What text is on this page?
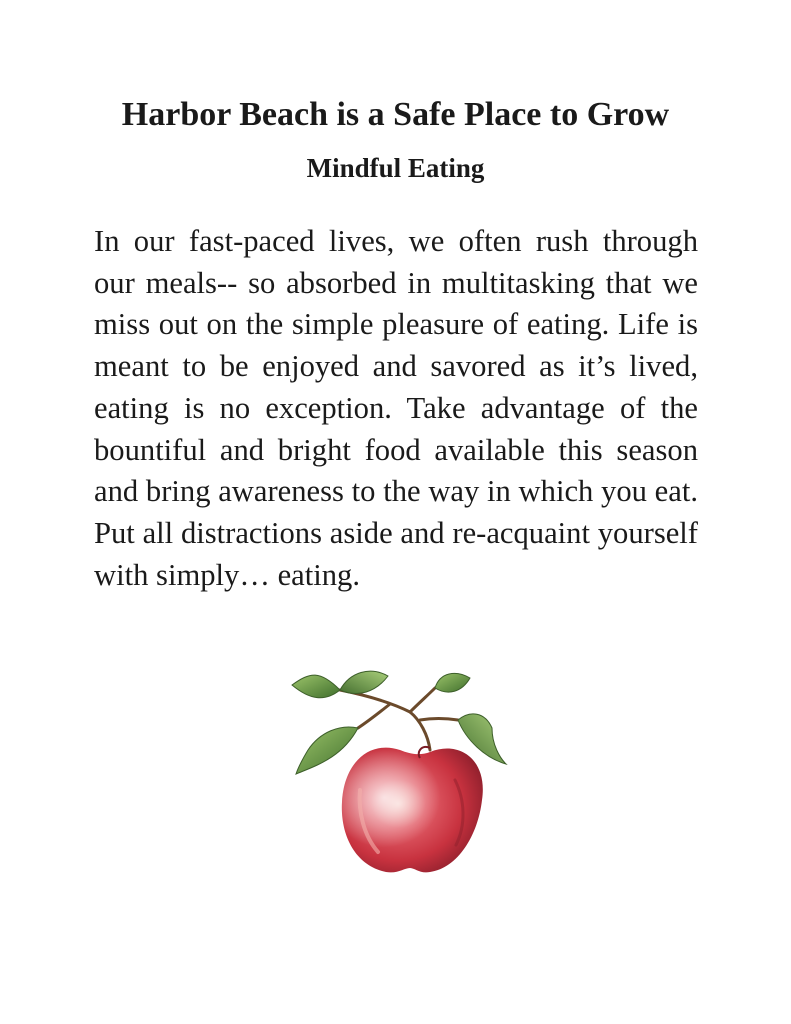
Harbor Beach is a Safe Place to Grow
Mindful Eating

In our fast-paced lives, we often rush through our meals-- so absorbed in multitasking that we miss out on the simple pleasure of eating. Life is meant to be enjoyed and savored as it’s lived, eating is no exception. Take advantage of the bountiful and bright food available this season and bring awareness to the way in which you eat. Put all distractions aside and re-acquaint yourself with simply… eating.
